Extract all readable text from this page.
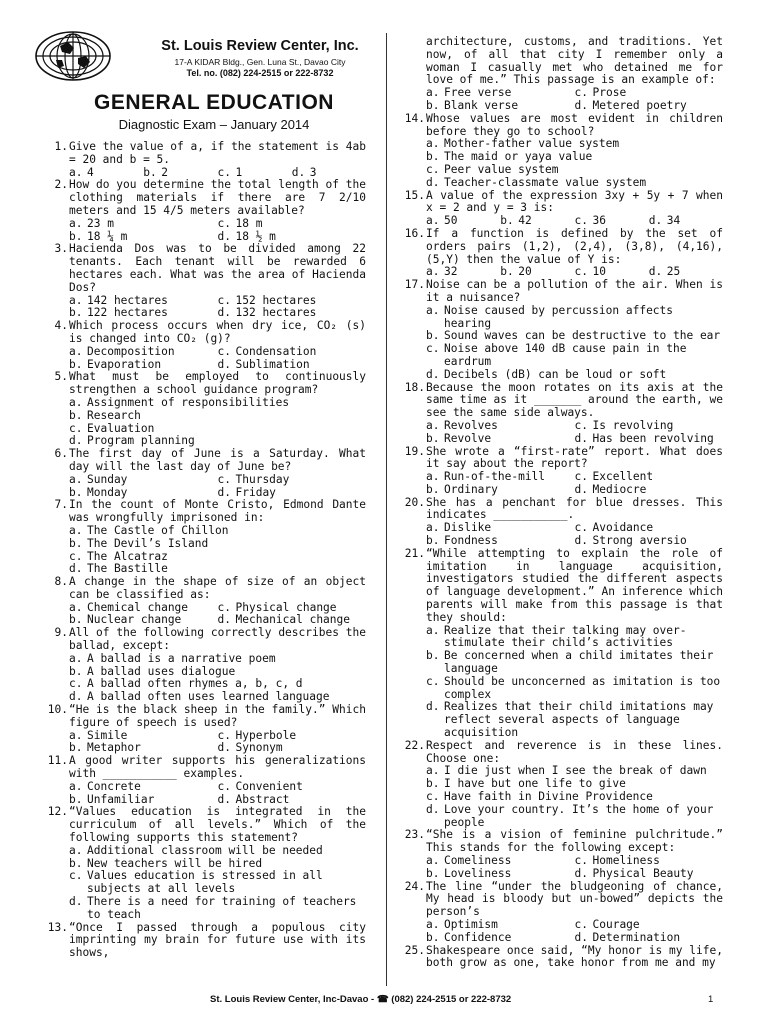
St. Louis Review Center, Inc.
17-A KIDAR Bldg., Gen. Luna St., Davao City
Tel. no. (082) 224-2515 or 222-8732
GENERAL EDUCATION
Diagnostic Exam – January 2014
1. Give the value of a, if the statement is 4ab = 20 and b = 5.
a. 4	b. 2	c. 1	d. 3
2. How do you determine the total length of the clothing materials if there are 7 2/10 meters and 15 4/5 meters available?
a. 23 m	c. 18 m
b. 18 ¼ m	d. 18 ½ m
3. Hacienda Dos was to be divided among 22 tenants. Each tenant will be rewarded 6 hectares each. What was the area of Hacienda Dos?
a. 142 hectares	c. 152 hectares
b. 122 hectares	d. 132 hectares
4. Which process occurs when dry ice, CO₂ (s) is changed into CO₂ (g)?
a. Decomposition	c. Condensation
b. Evaporation	d. Sublimation
5. What must be employed to continuously strengthen a school guidance program?
a. Assignment of responsibilities
b. Research
c. Evaluation
d. Program planning
6. The first day of June is a Saturday. What day will the last day of June be?
a. Sunday	c. Thursday
b. Monday	d. Friday
7. In the count of Monte Cristo, Edmond Dante was wrongfully imprisoned in:
a. The Castle of Chillon
b. The Devil’s Island
c. The Alcatraz
d. The Bastille
8. A change in the shape of size of an object can be classified as:
a. Chemical change	c. Physical change
b. Nuclear change	d. Mechanical change
9. All of the following correctly describes the ballad, except:
a. A ballad is a narrative poem
b. A ballad uses dialogue
c. A ballad often rhymes a, b, c, d
d. A ballad often uses learned language
10. “He is the black sheep in the family.” Which figure of speech is used?
a. Simile	c. Hyperbole
b. Metaphor	d. Synonym
11. A good writer supports his generalizations with ___________ examples.
a. Concrete	c. Convenient
b. Unfamiliar	d. Abstract
12. “Values education is integrated in the curriculum of all levels.” Which of the following supports this statement?
a. Additional classroom will be needed
b. New teachers will be hired
c. Values education is stressed in all subjects at all levels
d. There is a need for training of teachers to teach
13. “Once I passed through a populous city imprinting my brain for future use with its shows,
architecture, customs, and traditions. Yet now, of all that city I remember only a woman I casually met who detained me for love of me.” This passage is an example of:
a. Free verse	c. Prose
b. Blank verse	d. Metered poetry
14. Whose values are most evident in children before they go to school?
a. Mother-father value system
b. The maid or yaya value
c. Peer value system
d. Teacher-classmate value system
15. A value of the expression 3xy + 5y + 7 when x = 2 and y = 3 is:
a. 50	b. 42	c. 36	d. 34
16. If a function is defined by the set of orders pairs (1,2), (2,4), (3,8), (4,16), (5,Y) then the value of Y is:
a. 32	b. 20	c. 10	d. 25
17. Noise can be a pollution of the air. When is it a nuisance?
a. Noise caused by percussion affects hearing
b. Sound waves can be destructive to the ear
c. Noise above 140 dB cause pain in the eardrum
d. Decibels (dB) can be loud or soft
18. Because the moon rotates on its axis at the same time as it _______ around the earth, we see the same side always.
a. Revolves	c. Is revolving
b. Revolve	d. Has been revolving
19. She wrote a “first-rate” report. What does it say about the report?
a. Run-of-the-mill	c. Excellent
b. Ordinary	d. Mediocre
20. She has a penchant for blue dresses. This indicates ___________.
a. Dislike	c. Avoidance
b. Fondness	d. Strong aversio
21. “While attempting to explain the role of imitation in language acquisition, investigators studied the different aspects of language development.” An inference which parents will make from this passage is that they should:
a. Realize that their talking may over-stimulate their child’s activities
b. Be concerned when a child imitates their language
c. Should be unconcerned as imitation is too complex
d. Realizes that their child imitations may reflect several aspects of language acquisition
22. Respect and reverence is in these lines. Choose one:
a. I die just when I see the break of dawn
b. I have but one life to give
c. Have faith in Divine Providence
d. Love your country. It’s the home of your people
23. “She is a vision of feminine pulchritude.” This stands for the following except:
a. Comeliness	c. Homeliness
b. Loveliness	d. Physical Beauty
24. The line “under the bludgeoning of chance, My head is bloody but un-bowed” depicts the person’s
a. Optimism	c. Courage
b. Confidence	d. Determination
25. Shakespeare once said, “My honor is my life, both grow as one, take honor from me and my
St. Louis Review Center, Inc-Davao - ☎ (082) 224-2515 or 222-8732	1
